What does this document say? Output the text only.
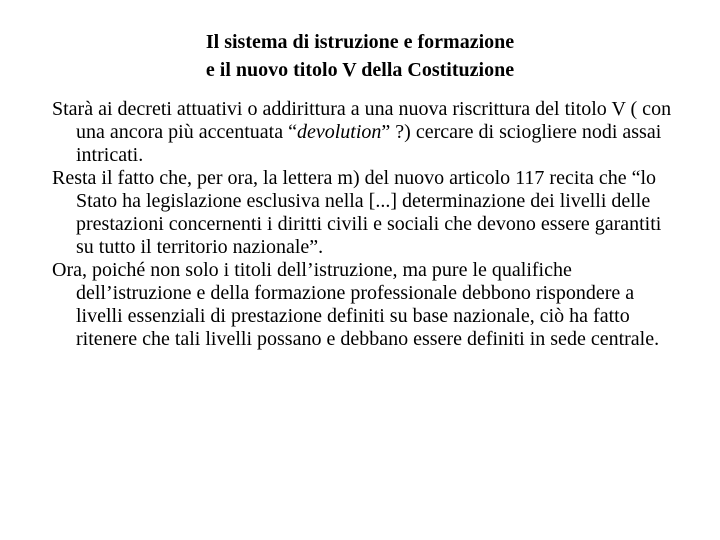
Il sistema di istruzione e formazione
e il nuovo titolo V della Costituzione

Starà ai decreti attuativi o addirittura a una nuova riscrittura del titolo V ( con una ancora più accentuata “devolution” ?) cercare di sciogliere nodi assai intricati.

Resta il fatto che, per ora, la lettera m) del nuovo articolo 117 recita che “lo Stato ha legislazione esclusiva nella [...] determinazione dei livelli delle prestazioni concernenti i diritti civili e sociali che devono essere garantiti su tutto il territorio nazionale”.

Ora, poiché non solo i titoli dell’istruzione, ma pure le qualifiche dell’istruzione e della formazione professionale debbono rispondere a livelli essenziali di prestazione definiti su base nazionale, ciò ha fatto ritenere che tali livelli possano e debbano essere definiti in sede centrale.
